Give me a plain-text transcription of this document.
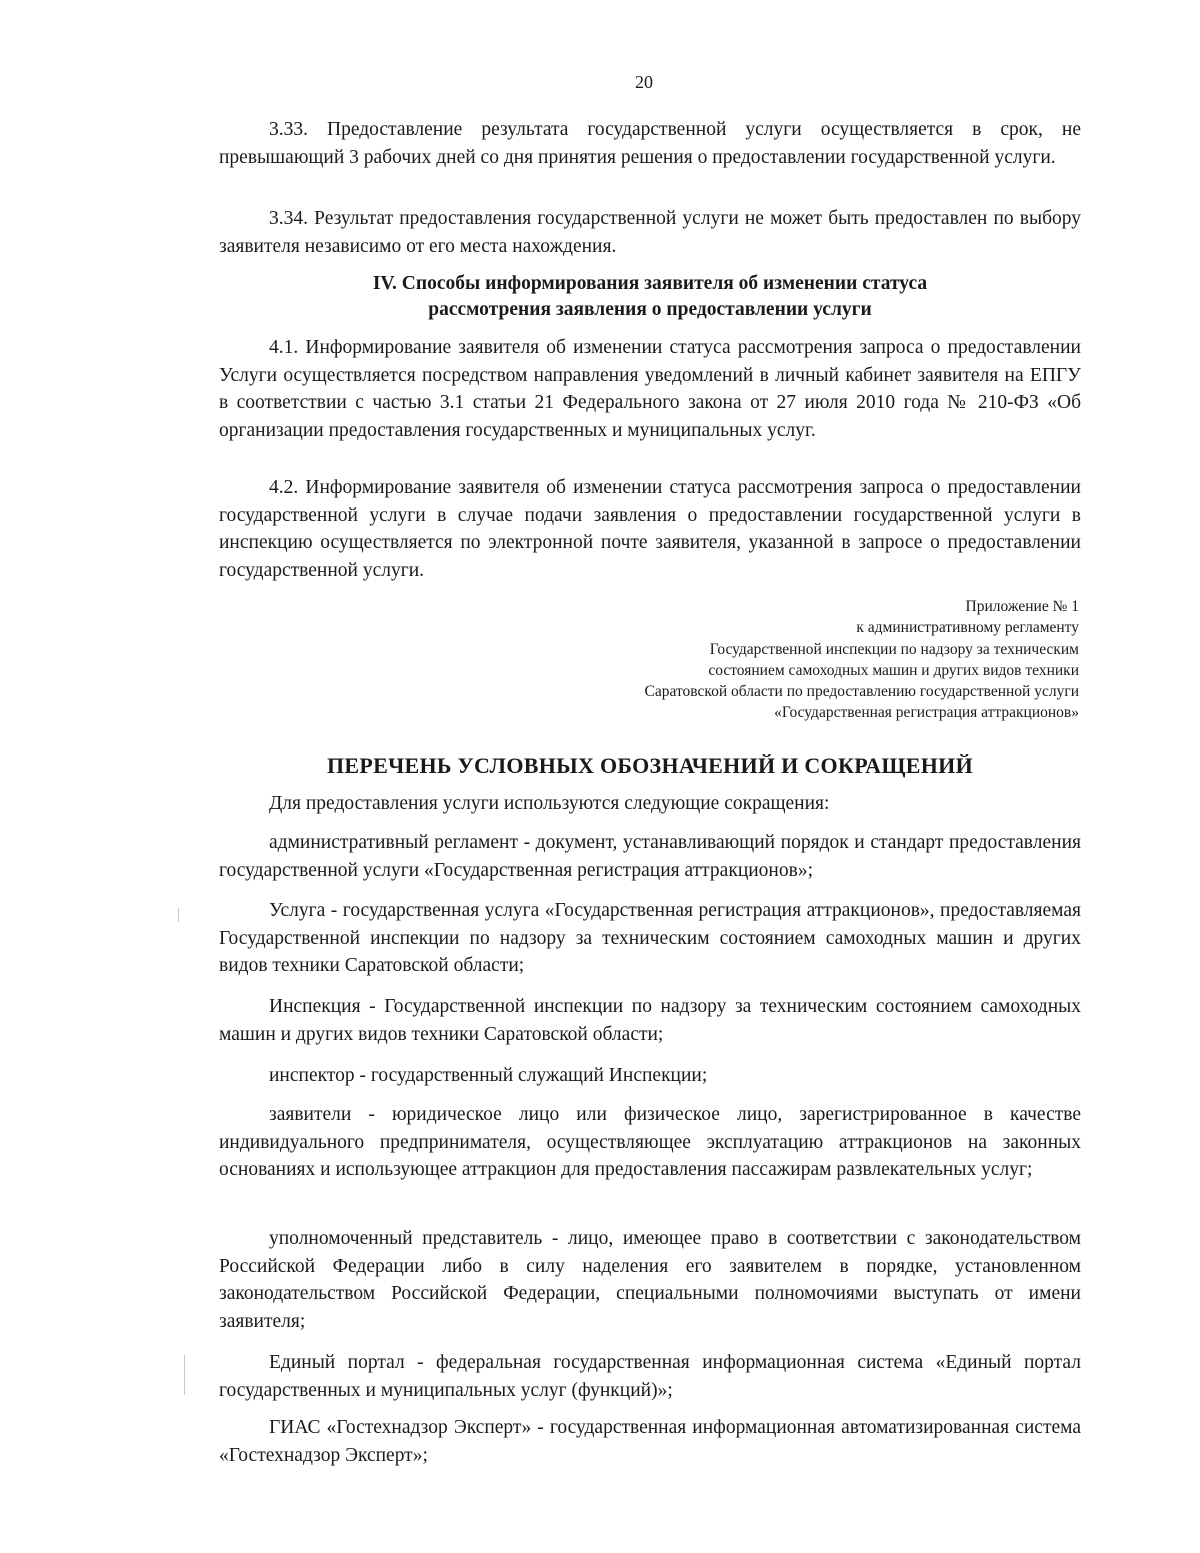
20

3.33. Предоставление результата государственной услуги осуществляется в срок, не превышающий 3 рабочих дней со дня принятия решения о предоставлении государственной услуги.

3.34. Результат предоставления государственной услуги не может быть предоставлен по выбору заявителя независимо от его места нахождения.

IV. Способы информирования заявителя об изменении статуса
рассмотрения заявления о предоставлении услуги

4.1. Информирование заявителя об изменении статуса рассмотрения запроса о предоставлении Услуги осуществляется посредством направления уведомлений в личный кабинет заявителя на ЕПГУ в соответствии с частью 3.1 статьи 21 Федерального закона от 27 июля 2010 года № 210-ФЗ «Об организации предоставления государственных и муниципальных услуг.

4.2. Информирование заявителя об изменении статуса рассмотрения запроса о предоставлении государственной услуги в случае подачи заявления о предоставлении государственной услуги в инспекцию осуществляется по электронной почте заявителя, указанной в запросе о предоставлении государственной услуги.

Приложение № 1
к административному регламенту
Государственной инспекции по надзору за техническим
состоянием самоходных машин и других видов техники
Саратовской области по предоставлению государственной услуги
«Государственная регистрация аттракционов»
ПЕРЕЧЕНЬ УСЛОВНЫХ ОБОЗНАЧЕНИЙ И СОКРАЩЕНИЙ

Для предоставления услуги используются следующие сокращения:

административный регламент - документ, устанавливающий порядок и стандарт предоставления государственной услуги «Государственная регистрация аттракционов»;

Услуга - государственная услуга «Государственная регистрация аттракционов», предоставляемая Государственной инспекции по надзору за техническим состоянием самоходных машин и других видов техники Саратовской области;

Инспекция - Государственной инспекции по надзору за техническим состоянием самоходных машин и других видов техники Саратовской области;

инспектор - государственный служащий Инспекции;

заявители - юридическое лицо или физическое лицо, зарегистрированное в качестве индивидуального предпринимателя, осуществляющее эксплуатацию аттракционов на законных основаниях и использующее аттракцион для предоставления пассажирам развлекательных услуг;

уполномоченный представитель - лицо, имеющее право в соответствии с законодательством Российской Федерации либо в силу наделения его заявителем в порядке, установленном законодательством Российской Федерации, специальными полномочиями выступать от имени заявителя;

Единый портал - федеральная государственная информационная система «Единый портал государственных и муниципальных услуг (функций)»;

ГИАС «Гостехнадзор Эксперт» - государственная информационная автоматизированная система «Гостехнадзор Эксперт»;
